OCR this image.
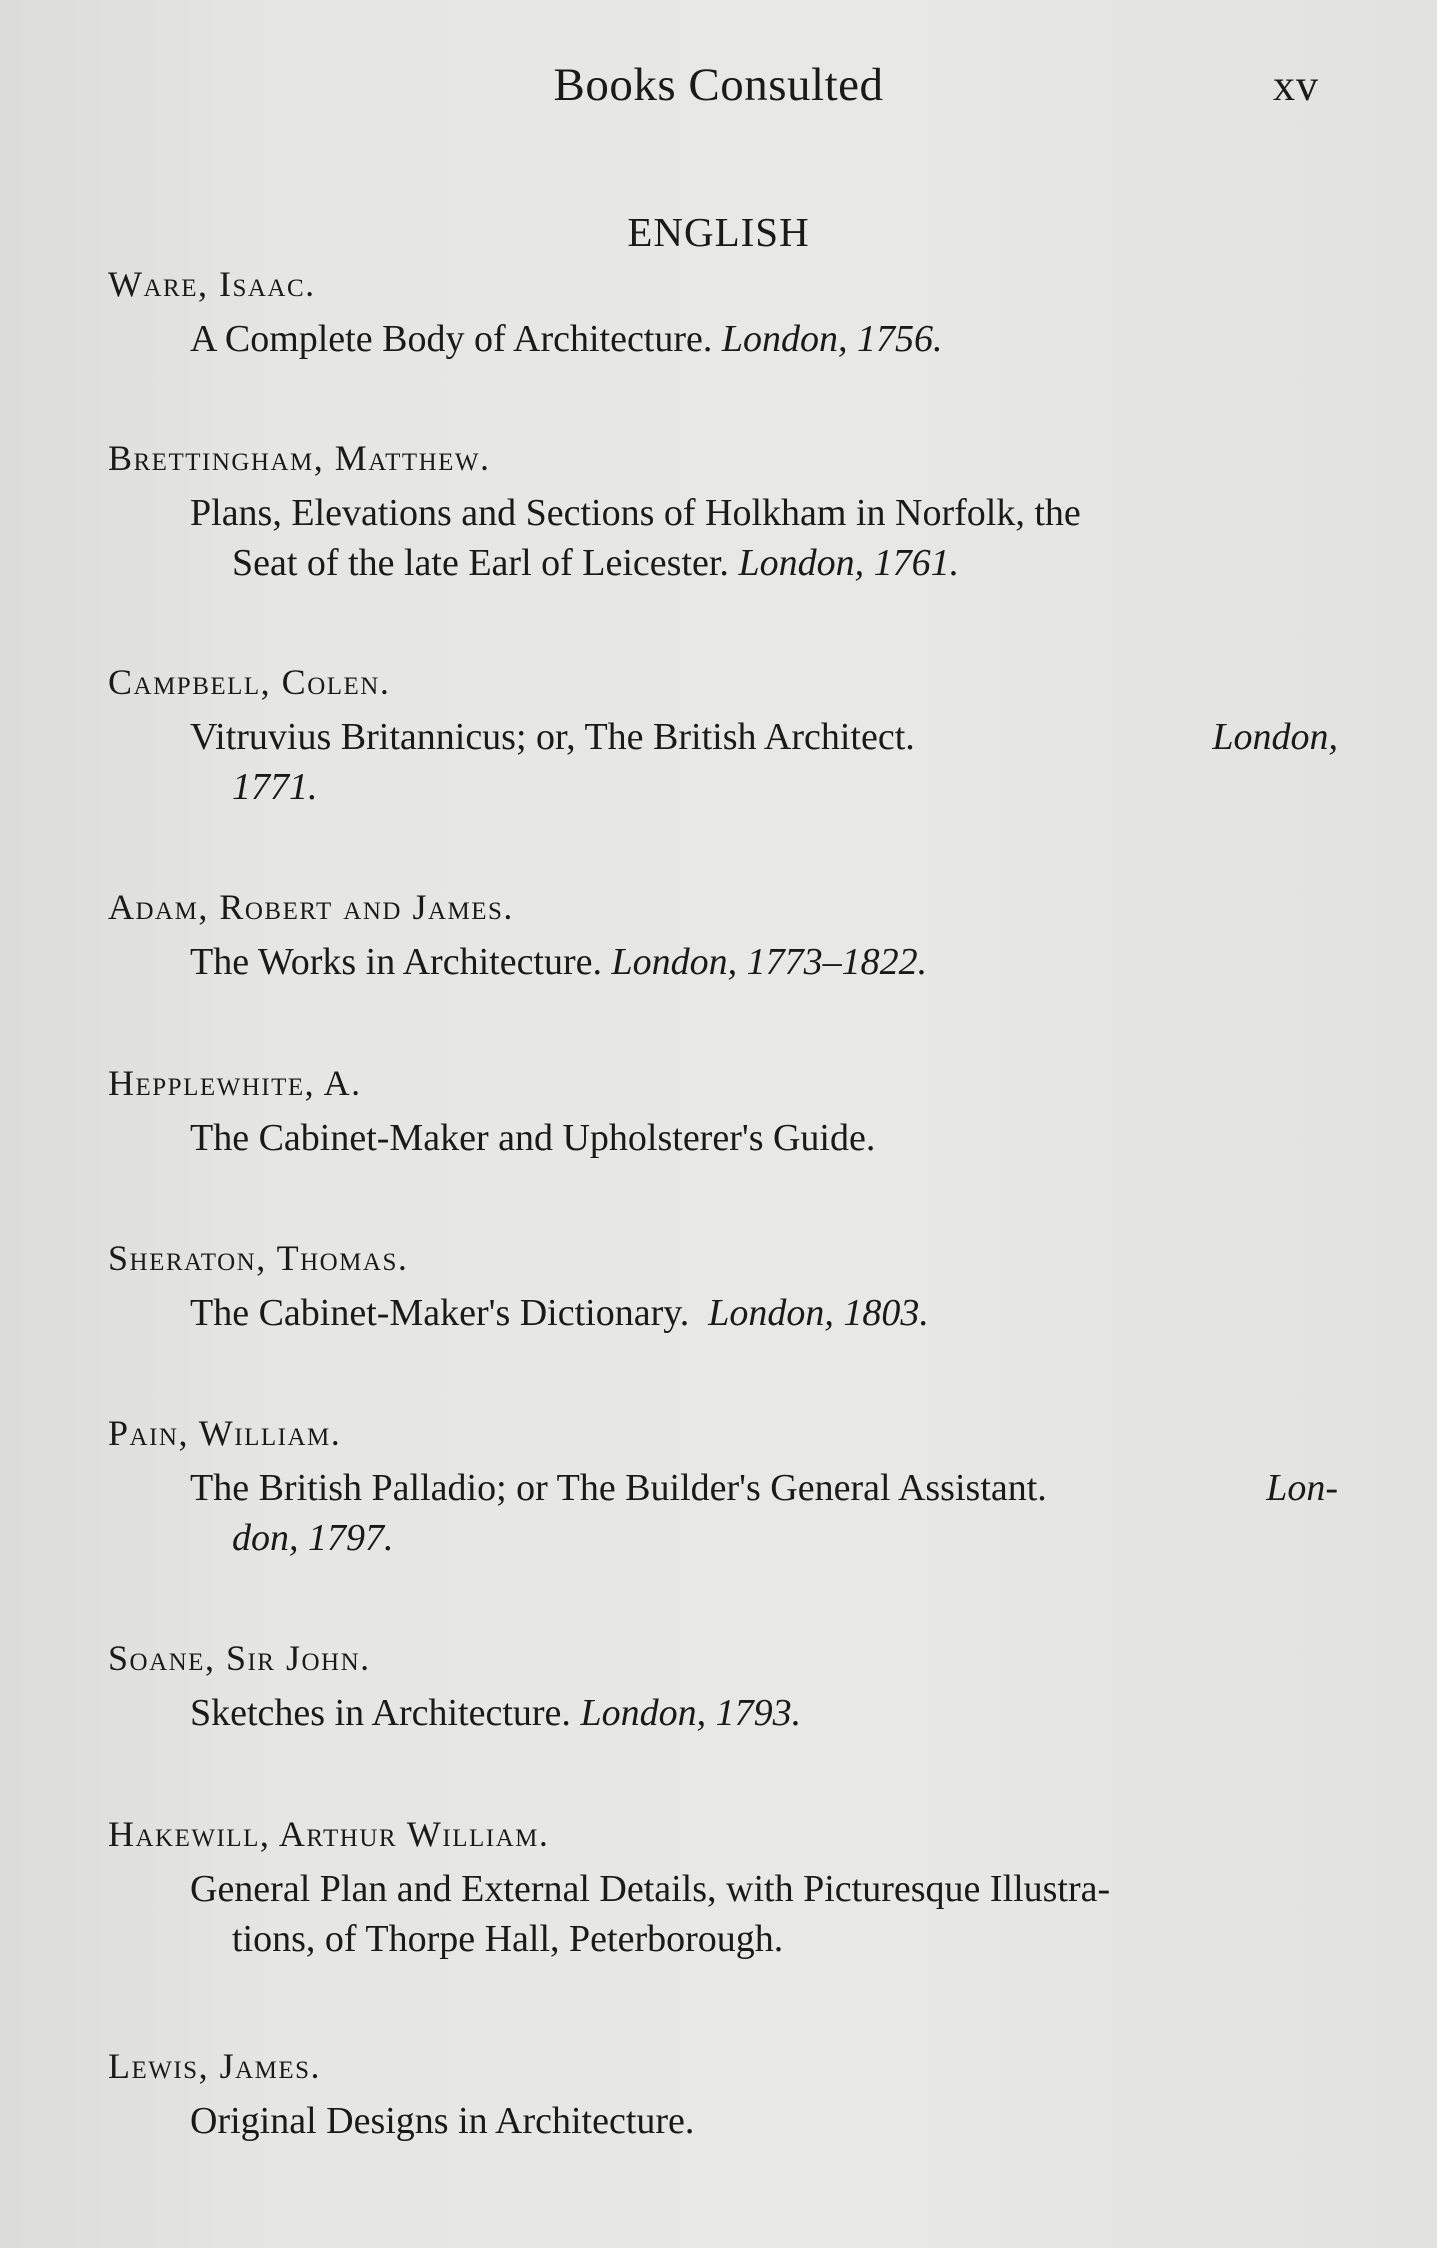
Books Consulted	xv
ENGLISH
Ware, Isaac.
A Complete Body of Architecture. London, 1756.
Brettingham, Matthew.
Plans, Elevations and Sections of Holkham in Norfolk, the
Seat of the late Earl of Leicester. London, 1761.
Campbell, Colen.
Vitruvius Britannicus; or, The British Architect.	London,
1771.
Adam, Robert and James.
The Works in Architecture. London, 1773–1822.
Hepplewhite, A.
The Cabinet-Maker and Upholsterer's Guide.
Sheraton, Thomas.
The Cabinet-Maker's Dictionary. London, 1803.
Pain, William.
The British Palladio; or The Builder's General Assistant.	Lon-
don, 1797.
Soane, Sir John.
Sketches in Architecture. London, 1793.
Hakewill, Arthur William.
General Plan and External Details, with Picturesque Illustra-
tions, of Thorpe Hall, Peterborough.
Lewis, James.
Original Designs in Architecture.
